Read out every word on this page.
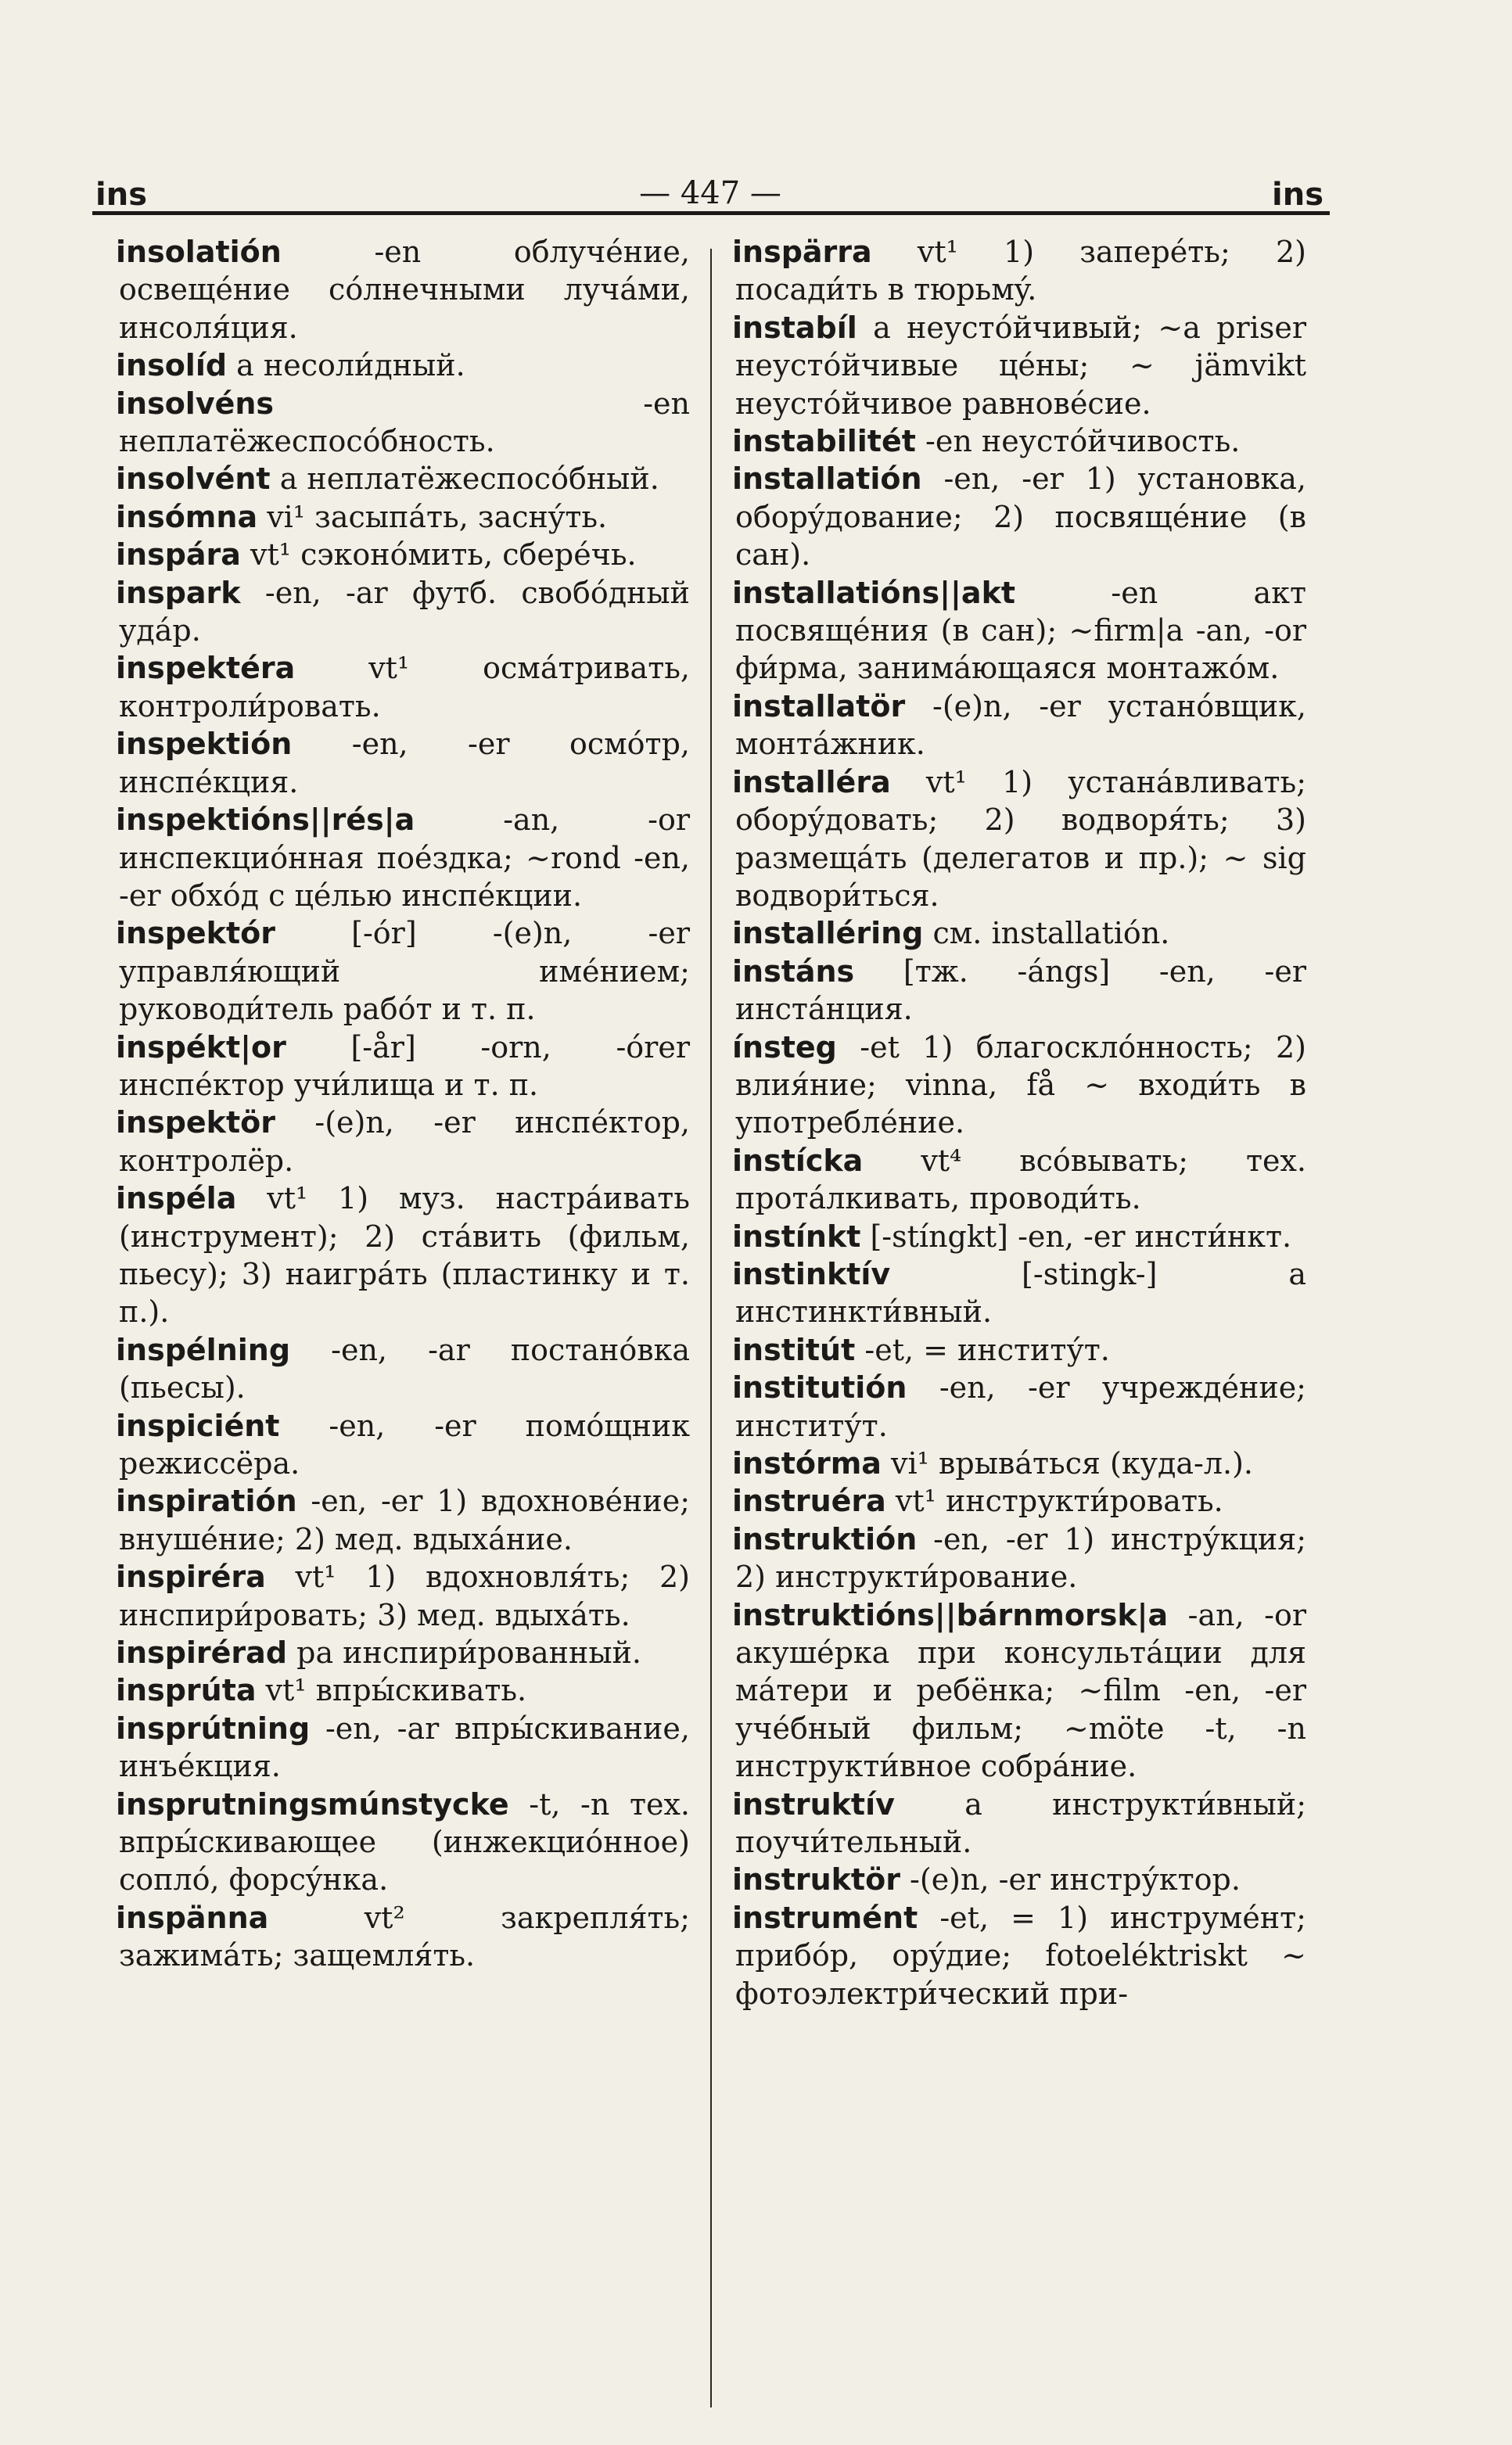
ins	— 447 —	ins
insolatión	-en облучéние, освещéние сóлнечными лучáми, инсоля́ция.
insolíd a несоли́дный.
insolvéns	-en неплатёжеспосóбность.
insolvént a неплатёжеспосóбный.
insómna vi¹ засыпáть, заснýть.
inspára vt¹ сэконóмить, сберéчь.
inspark -en, -ar футб. свобóдный удáр.
inspektéra vt¹ осмáтривать, контроли́ровать.
inspektión -en, -er осмóтр, инспéкция.
inspektións||rés|a	-an, -or инспекциóнная поéздка; ~rond -en, -er обхóд с цéлью инспéкции.
inspektór	[-ór] -(e)n, -er управля́ющий имéнием; руководи́тель рабóт и т. п.
inspékt|or [-år] -orn, -órer инспéктор учи́лища и т. п.
inspektör -(e)n, -er инспéктор, контролёр.
inspéla vt¹ 1) муз. настрáивать (инструмент); 2) стáвить (фильм, пьесу); 3) наигрáть (пластинку и т. п.).
inspélning -en, -ar постанóвка (пьесы).
inspiciént -en, -er помóщник режиссёра.
inspiratión -en, -er 1) вдохновéние; внушéние; 2) мед. вдыхáние.
inspiréra vt¹ 1) вдохновля́ть; 2) инспири́ровать; 3) мед. вдыхáть.
inspirérad pa инспири́рованный.
insprúta vt¹ впры́скивать.
insprútning -en, -ar впры́скивание, инъéкция.
insprutningsmúnstycke -t, -n тех. впры́скивающее (инжекциóнное) соплó, форсýнка.
inspänna	vt² закрепля́ть; зажимáть; защемля́ть.
inspärra vt¹ 1) заперéть; 2) посади́ть в тюрьмý.
instabíl a неустóйчивый; ~a priser неустóйчивые цéны; ~ jämvikt неустóйчивое равновéсие.
instabilitét -en неустóйчивость.
installatión -en, -er 1) установка, оборýдование; 2) посвящéние (в сан).
installatións||akt	-en акт посвящéния (в сан); ~firm|a -an, -or фи́рма, занимáющаяся монтажóм.
installatör -(e)n, -er устанóвщик, монтáжник.
installéra vt¹ 1) устанáвливать; оборýдовать; 2) водворя́ть; 3) размещáть (делегатов и пр.); ~ sig водвори́ться.
installéring см. installatión.
instáns [тж. -ángs] -en, -er инстáнция.
ínsteg -et 1) благосклóнность; 2) влия́ние; vinna, få ~ входи́ть в употреблéние.
instícka vt⁴ всóвывать; тех. протáлкивать, проводи́ть.
instínkt [-stíngkt] -en, -er инсти́нкт.
instinktív	[-stingk-] a инстинкти́вный.
institút -et, = институ́т.
institutión -en, -er учреждéние; институ́т.
instórma vi¹ врывáться (куда-л.).
instruéra vt¹ инструкти́ровать.
instruktión -en, -er 1) инстру́кция; 2) инструкти́рование.
instruktións||bárnmorsk|a -an, -or акушéрка при консультáции для мáтери и ребёнка; ~film -en, -er учéбный фильм; ~möte -t, -n инструкти́вное собрáние.
instruktív a инструкти́вный; поучи́тельный.
instruktör -(e)n, -er инстру́ктор.
instrumént -et, = 1) инструмéнт; прибóр, орýдие; fotoeléktriskt ~ фотоэлектри́ческий при-
